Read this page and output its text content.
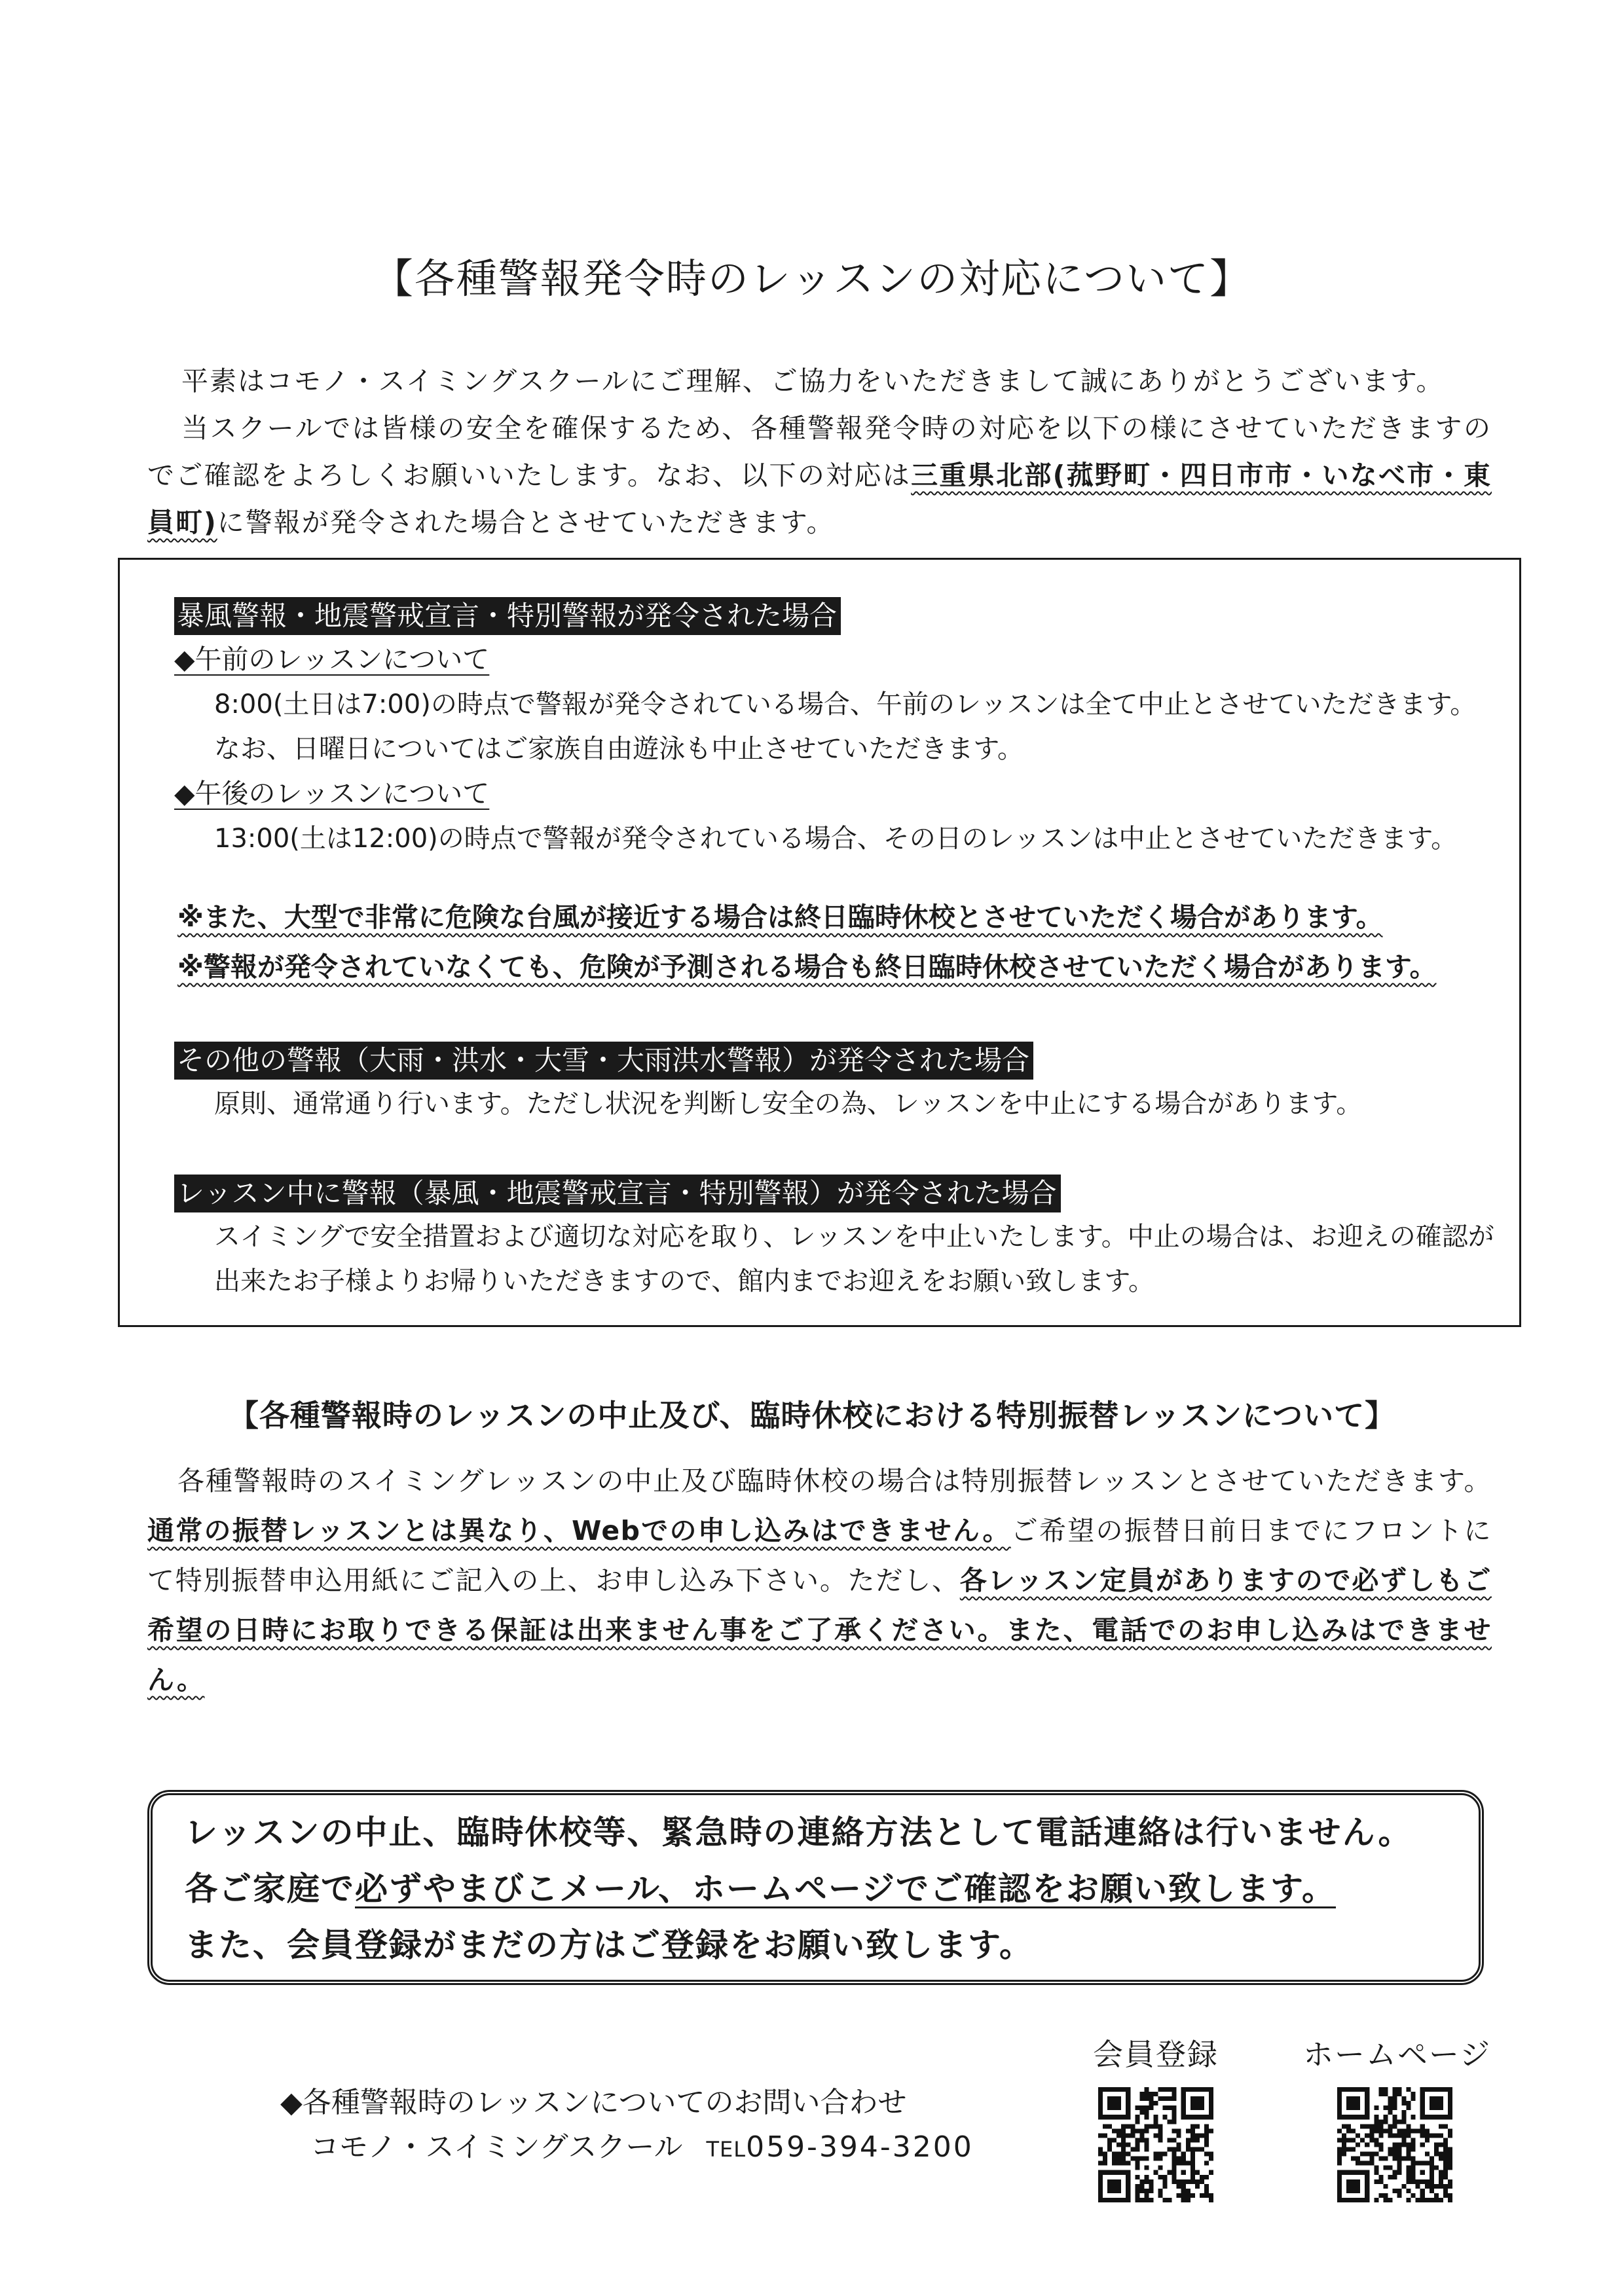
【各種警報発令時のレッスンの対応について】

平素はコモノ・スイミングスクールにご理解、ご協力をいただきまして誠にありがとうございます。

当スクールでは皆様の安全を確保するため、各種警報発令時の対応を以下の様にさせていただきますのでご確認をよろしくお願いいたします。なお、以下の対応は三重県北部(菰野町・四日市市・いなべ市・東員町)に警報が発令された場合とさせていただきます。

暴風警報・地震警戒宣言・特別警報が発令された場合
◆午前のレッスンについて

8:00(土日は7:00)の時点で警報が発令されている場合、午前のレッスンは全て中止とさせていただきます。

なお、日曜日についてはご家族自由遊泳も中止させていただきます。

◆午後のレッスンについて

13:00(土は12:00)の時点で警報が発令されている場合、その日のレッスンは中止とさせていただきます。

※また、大型で非常に危険な台風が接近する場合は終日臨時休校とさせていただく場合があります。

※警報が発令されていなくても、危険が予測される場合も終日臨時休校させていただく場合があります。

その他の警報（大雨・洪水・大雪・大雨洪水警報）が発令された場合

原則、通常通り行います。ただし状況を判断し安全の為、レッスンを中止にする場合があります。

レッスン中に警報（暴風・地震警戒宣言・特別警報）が発令された場合

スイミングで安全措置および適切な対応を取り、レッスンを中止いたします。中止の場合は、お迎えの確認が出来たお子様よりお帰りいただきますので、館内までお迎えをお願い致します。

【各種警報時のレッスンの中止及び、臨時休校における特別振替レッスンについて】

各種警報時のスイミングレッスンの中止及び臨時休校の場合は特別振替レッスンとさせていただきます。通常の振替レッスンとは異なり、Webでの申し込みはできません。ご希望の振替日前日までにフロントにて特別振替申込用紙にご記入の上、お申し込み下さい。ただし、各レッスン定員がありますので必ずしもご希望の日時にお取りできる保証は出来ません事をご了承ください。また、電話でのお申し込みはできません。

レッスンの中止、臨時休校等、緊急時の連絡方法として電話連絡は行いません。

各ご家庭で必ずやまびこメール、ホームページでご確認をお願い致します。

また、会員登録がまだの方はご登録をお願い致します。

◆各種警報時のレッスンについてのお問い合わせ
コモノ・スイミングスクール TEL059-394-3200
会員登録	ホームページ
